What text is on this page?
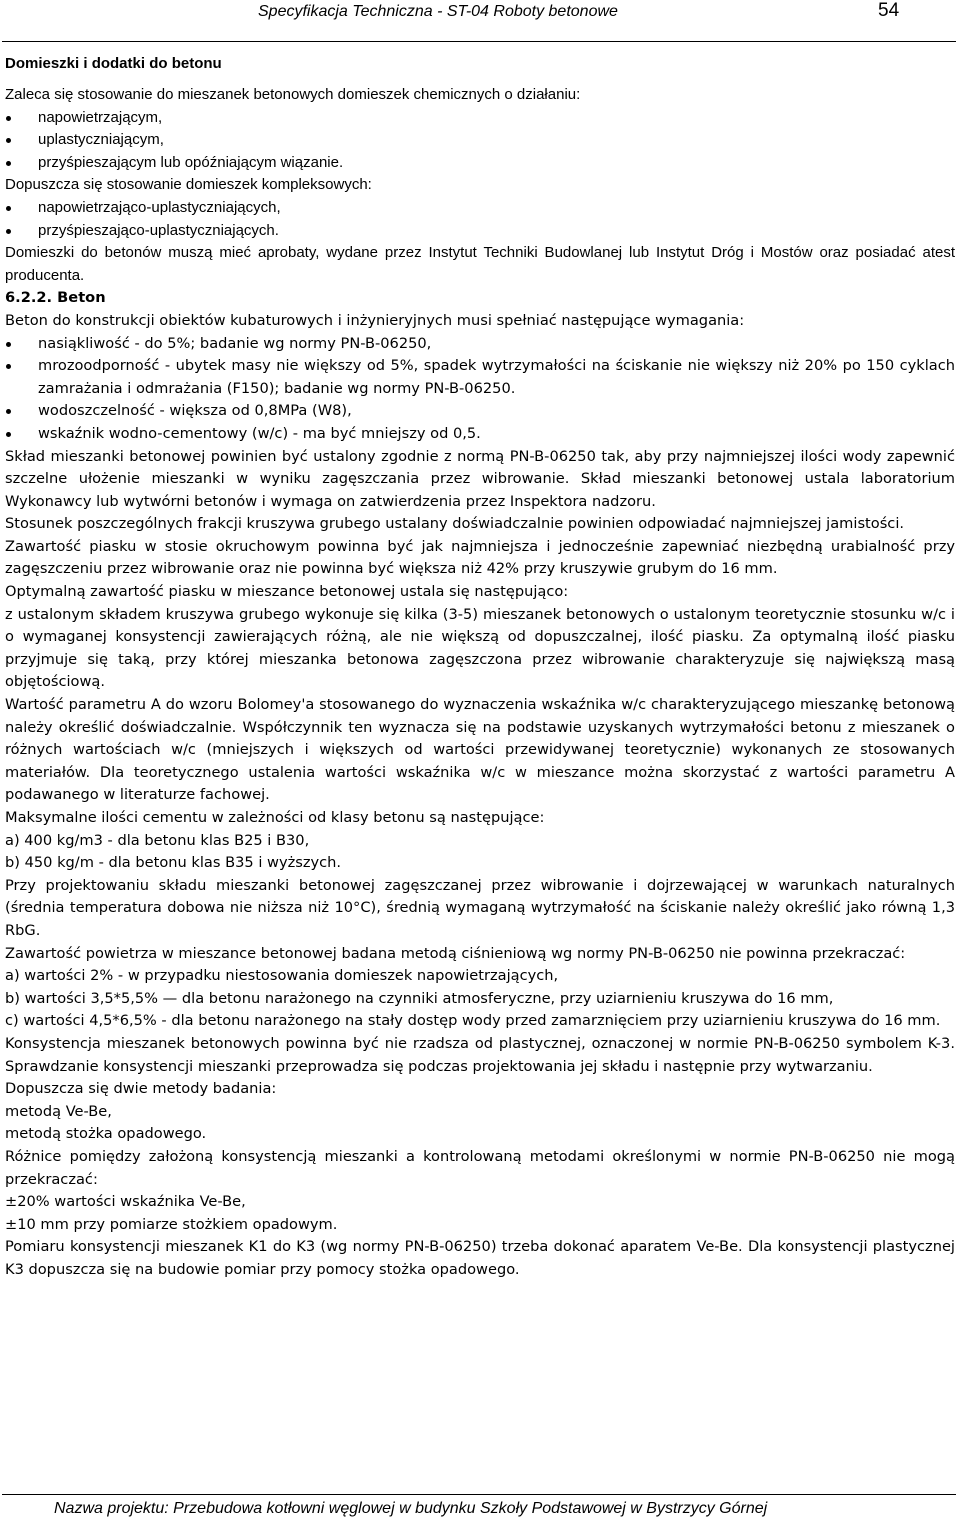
Specyfikacja Techniczna - ST-04 Roboty betonowe	54
Domieszki i dodatki do betonu

Zaleca się stosowanie do mieszanek betonowych domieszek chemicznych o działaniu:

napowietrzającym,
uplastyczniającym,
przyśpieszającym lub opóźniającym wiązanie.

Dopuszcza się stosowanie domieszek kompleksowych:

napowietrzająco-uplastyczniających,
przyśpieszająco-uplastyczniających.

Domieszki do betonów muszą mieć aprobaty, wydane przez Instytut Techniki Budowlanej lub Instytut Dróg i Mostów oraz posiadać atest producenta.

6.2.2. Beton

Beton do konstrukcji obiektów kubaturowych i inżynieryjnych musi spełniać następujące wymagania:

nasiąkliwość - do 5%; badanie wg normy PN-B-06250,
mrozoodporność - ubytek masy nie większy od 5%, spadek wytrzymałości na ściskanie nie większy niż 20% po 150 cyklach zamrażania i odmrażania (F150); badanie wg normy PN-B-06250.
wodoszczelność - większa od 0,8MPa (W8),
wskaźnik wodno-cementowy (w/c) - ma być mniejszy od 0,5.

Skład mieszanki betonowej powinien być ustalony zgodnie z normą PN-B-06250 tak, aby przy najmniejszej ilości wody zapewnić szczelne ułożenie mieszanki w wyniku zagęszczania przez wibrowanie. Skład mieszanki betonowej ustala laboratorium Wykonawcy lub wytwórni betonów i wymaga on zatwierdzenia przez Inspektora nadzoru.

Stosunek poszczególnych frakcji kruszywa grubego ustalany doświadczalnie powinien odpowiadać najmniejszej jamistości.

Zawartość piasku w stosie okruchowym powinna być jak najmniejsza i jednocześnie zapewniać niezbędną urabialność przy zagęszczeniu przez wibrowanie oraz nie powinna być większa niż 42% przy kruszywie grubym do 16 mm.

Optymalną zawartość piasku w mieszance betonowej ustala się następująco:

z ustalonym składem kruszywa grubego wykonuje się kilka (3-5) mieszanek betonowych o ustalonym teoretycznie stosunku w/c i o wymaganej konsystencji zawierających różną, ale nie większą od dopuszczalnej, ilość piasku. Za optymalną ilość piasku przyjmuje się taką, przy której mieszanka betonowa zagęszczona przez wibrowanie charakteryzuje się największą masą objętościową.

Wartość parametru A do wzoru Bolomey'a stosowanego do wyznaczenia wskaźnika w/c charakteryzującego mieszankę betonową należy określić doświadczalnie. Współczynnik ten wyznacza się na podstawie uzyskanych wytrzymałości betonu z mieszanek o różnych wartościach w/c (mniejszych i większych od wartości przewidywanej teoretycznie) wykonanych ze stosowanych materiałów. Dla teoretycznego ustalenia wartości wskaźnika w/c w mieszance można skorzystać z wartości parametru A podawanego w literaturze fachowej.

Maksymalne ilości cementu w zależności od klasy betonu są następujące:

a) 400 kg/m3 - dla betonu klas B25 i B30,

b) 450 kg/m - dla betonu klas B35 i wyższych.

Przy projektowaniu składu mieszanki betonowej zagęszczanej przez wibrowanie i dojrzewającej w warunkach naturalnych (średnia temperatura dobowa nie niższa niż 10°C), średnią wymaganą wytrzymałość na ściskanie należy określić jako równą 1,3 RbG.

Zawartość powietrza w mieszance betonowej badana metodą ciśnieniową wg normy PN-B-06250 nie powinna przekraczać:

a) wartości 2% - w przypadku niestosowania domieszek napowietrzających,

b) wartości 3,5*5,5% — dla betonu narażonego na czynniki atmosferyczne, przy uziarnieniu kruszywa do 16 mm,

c) wartości 4,5*6,5% - dla betonu narażonego na stały dostęp wody przed zamarznięciem przy uziarnieniu kruszywa do 16 mm.

Konsystencja mieszanek betonowych powinna być nie rzadsza od plastycznej, oznaczonej w normie PN-B-06250 symbolem K-3. Sprawdzanie konsystencji mieszanki przeprowadza się podczas projektowania jej składu i następnie przy wytwarzaniu.

Dopuszcza się dwie metody badania:

metodą Ve-Be,

metodą stożka opadowego.

Różnice pomiędzy założoną konsystencją mieszanki a kontrolowaną metodami określonymi w normie PN-B-06250 nie mogą przekraczać:

±20% wartości wskaźnika Ve-Be,

±10 mm przy pomiarze stożkiem opadowym.

Pomiaru konsystencji mieszanek K1 do K3 (wg normy PN-B-06250) trzeba dokonać aparatem Ve-Be. Dla konsystencji plastycznej K3 dopuszcza się na budowie pomiar przy pomocy stożka opadowego.

Nazwa projektu: Przebudowa kotłowni węglowej w budynku Szkoły Podstawowej w Bystrzycy Górnej
